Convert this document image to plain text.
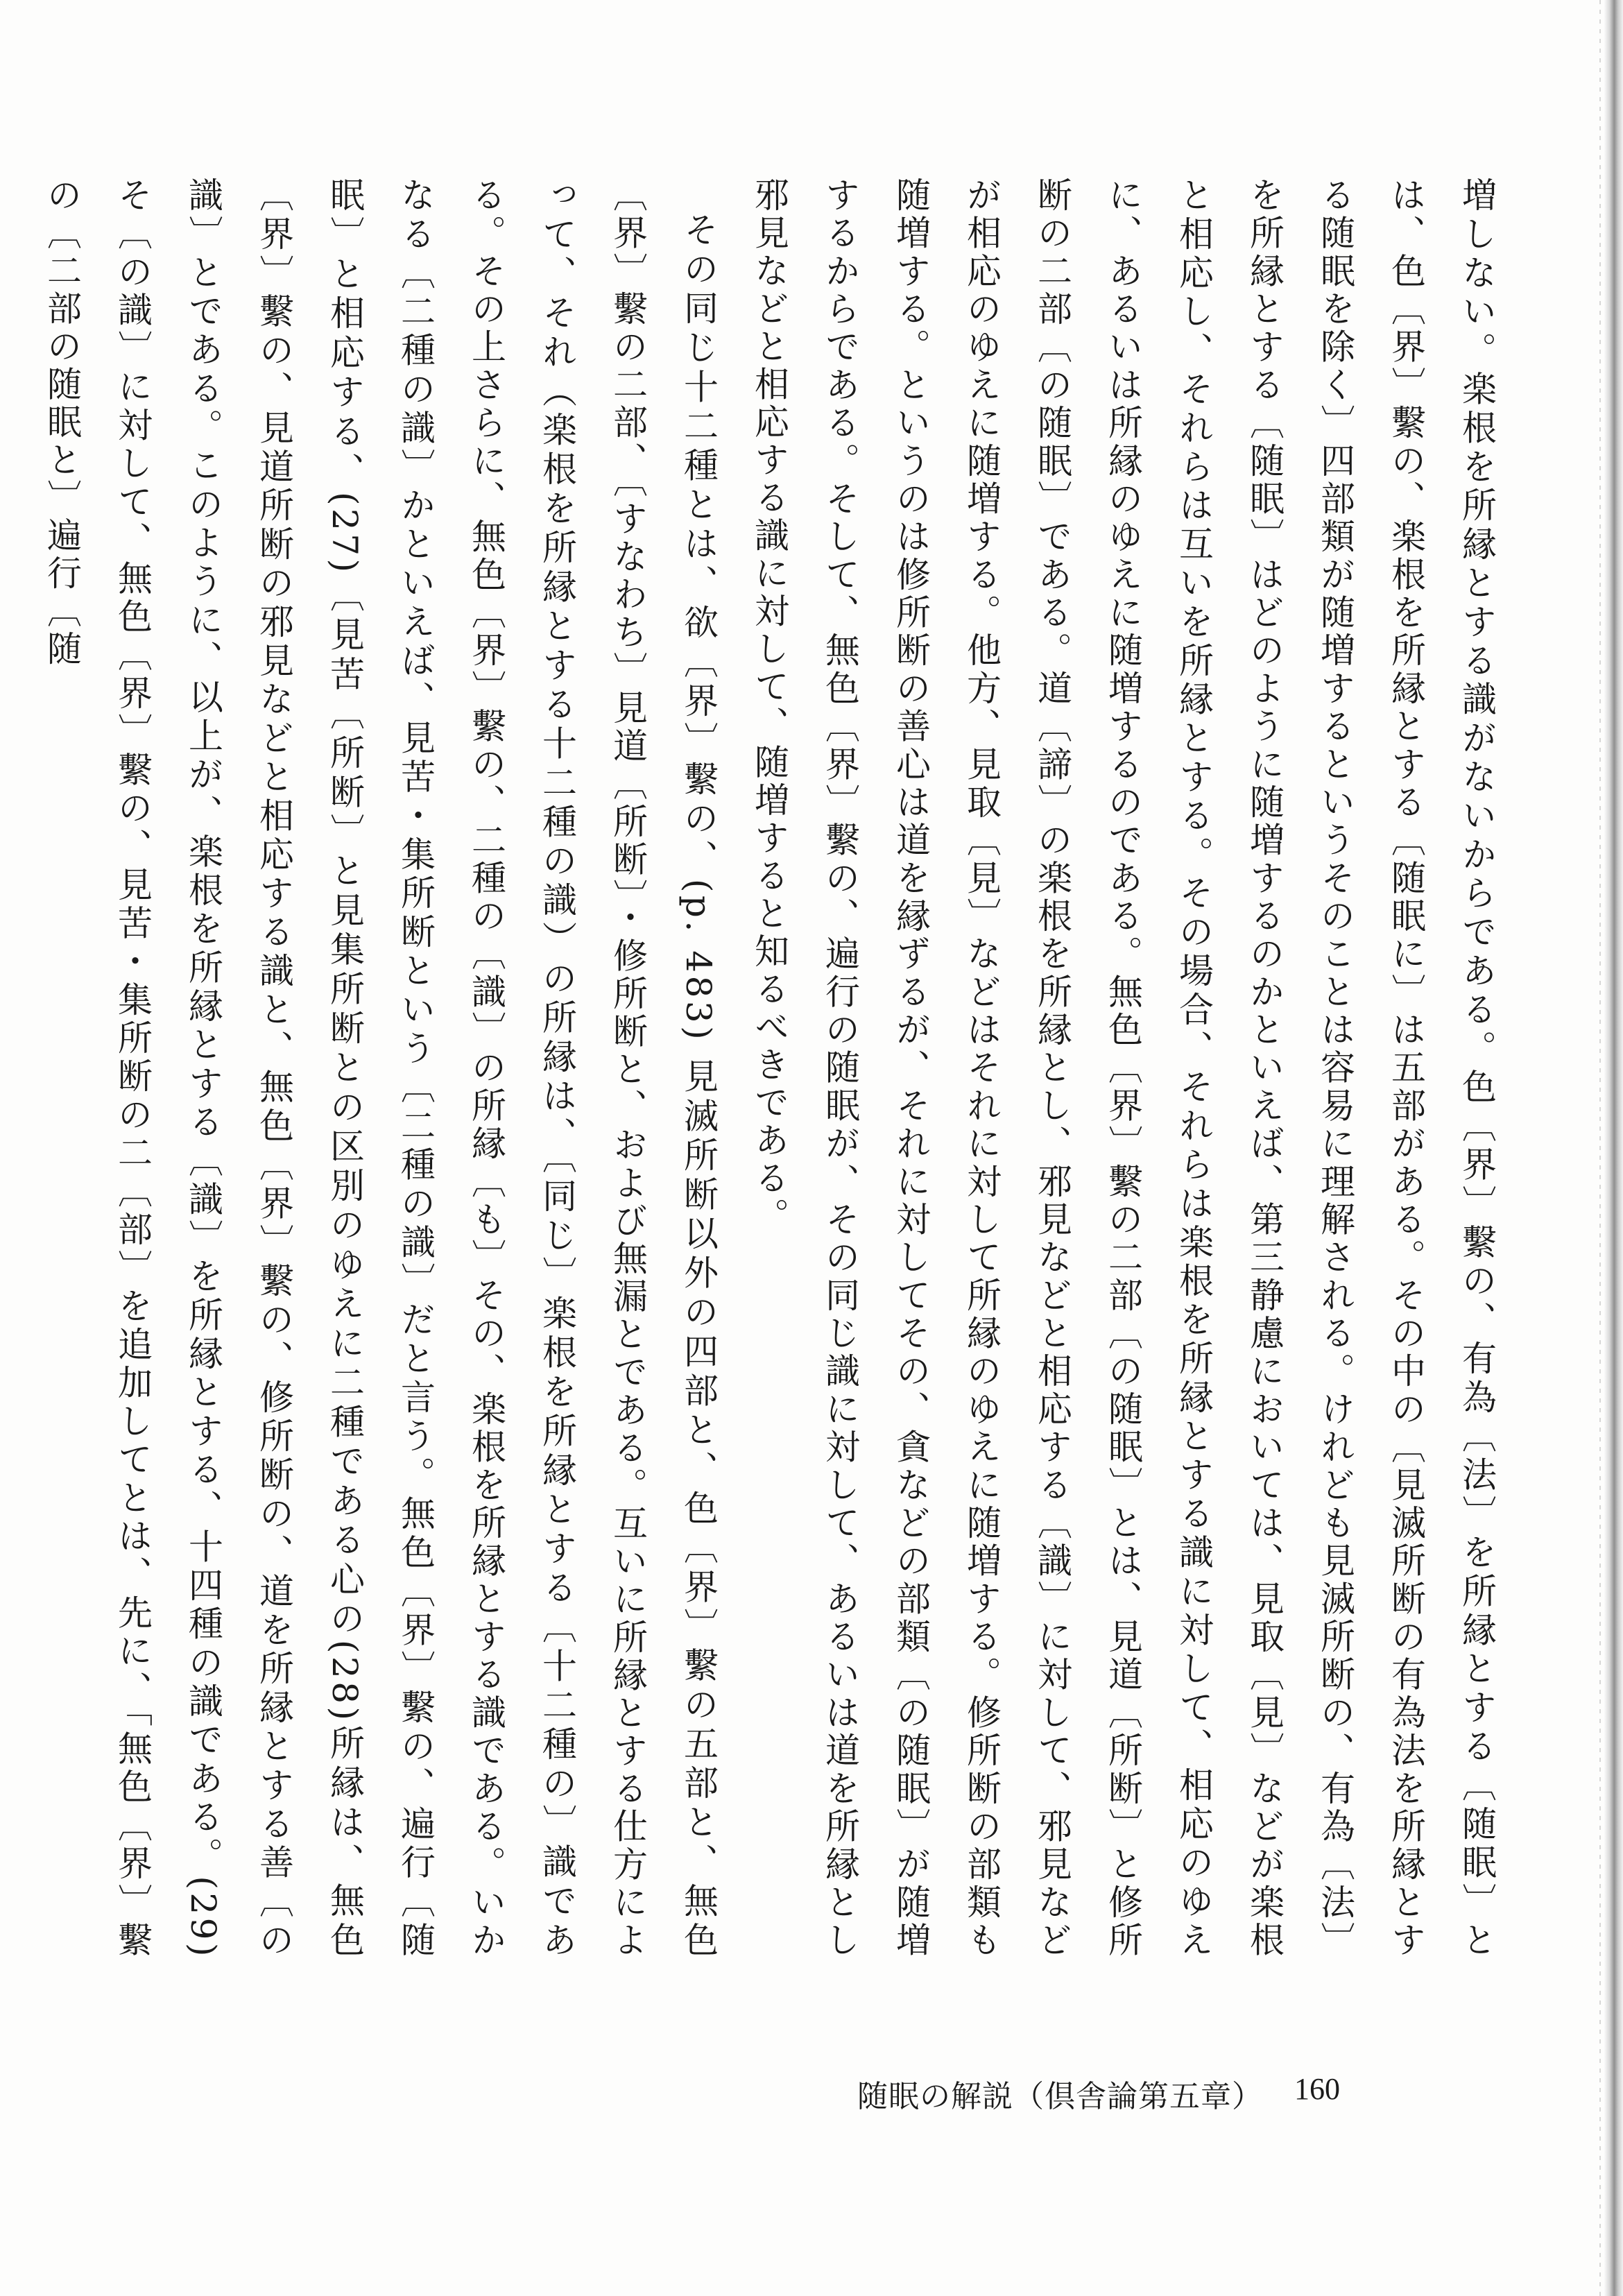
増しない。楽根を所縁とする識がないからである。色〔界〕繫の、有為〔法〕を所縁とする〔随眠〕とは、色〔界〕繫の、楽根を所縁とする〔随眠に〕は五部がある。その中の〔見滅所断の有為法を所縁とする随眠を除く〕四部類が随増するというそのことは容易に理解される。けれども見滅所断の、有為〔法〕を所縁とする〔随眠〕はどのように随増するのかといえば、第三静慮においては、見取〔見〕などが楽根と相応し、それらは互いを所縁とする。その場合、それらは楽根を所縁とする識に対して、相応のゆえに、あるいは所縁のゆえに随増するのである。無色〔界〕繫の二部〔の随眠〕とは、見道〔所断〕と修所断の二部〔の随眠〕である。道〔諦〕の楽根を所縁とし、邪見などと相応する〔識〕に対して、邪見などが相応のゆえに随増する。他方、見取〔見〕などはそれに対して所縁のゆえに随増する。修所断の部類も随増する。というのは修所断の善心は道を縁ずるが、それに対してその、貪などの部類〔の随眠〕が随増するからである。そして、無色〔界〕繫の、遍行の随眠が、その同じ識に対して、あるいは道を所縁とし邪見などと相応する識に対して、随増すると知るべきである。

その同じ十二種とは、欲〔界〕繫の、(p. 483) 見滅所断以外の四部と、色〔界〕繫の五部と、無色〔界〕繫の二部、〔すなわち〕見道〔所断〕・修所断と、および無漏とである。互いに所縁とする仕方によって、それ（楽根を所縁とする十二種の識）の所縁は、〔同じ〕楽根を所縁とする〔十二種の〕識である。その上さらに、無色〔界〕繫の、二種の〔識〕の所縁〔も〕その、楽根を所縁とする識である。いかなる〔二種の識〕かといえば、見苦・集所断という〔二種の識〕だと言う。無色〔界〕繫の、遍行〔随眠〕と相応する、(27)〔見苦〔所断〕と見集所断との区別のゆえに二種である心の(28)所縁は、無色〔界〕繫の、見道所断の邪見などと相応する識と、無色〔界〕繫の、修所断の、道を所縁とする善〔の識〕とである。このように、以上が、楽根を所縁とする〔識〕を所縁とする、十四種の識である。(29)そ〔の識〕に対して、無色〔界〕繫の、見苦・集所断の二〔部〕を追加してとは、先に、「無色〔界〕繫の〔二部の随眠と〕遍行〔随

随眠の解説（倶舎論第五章） 160
